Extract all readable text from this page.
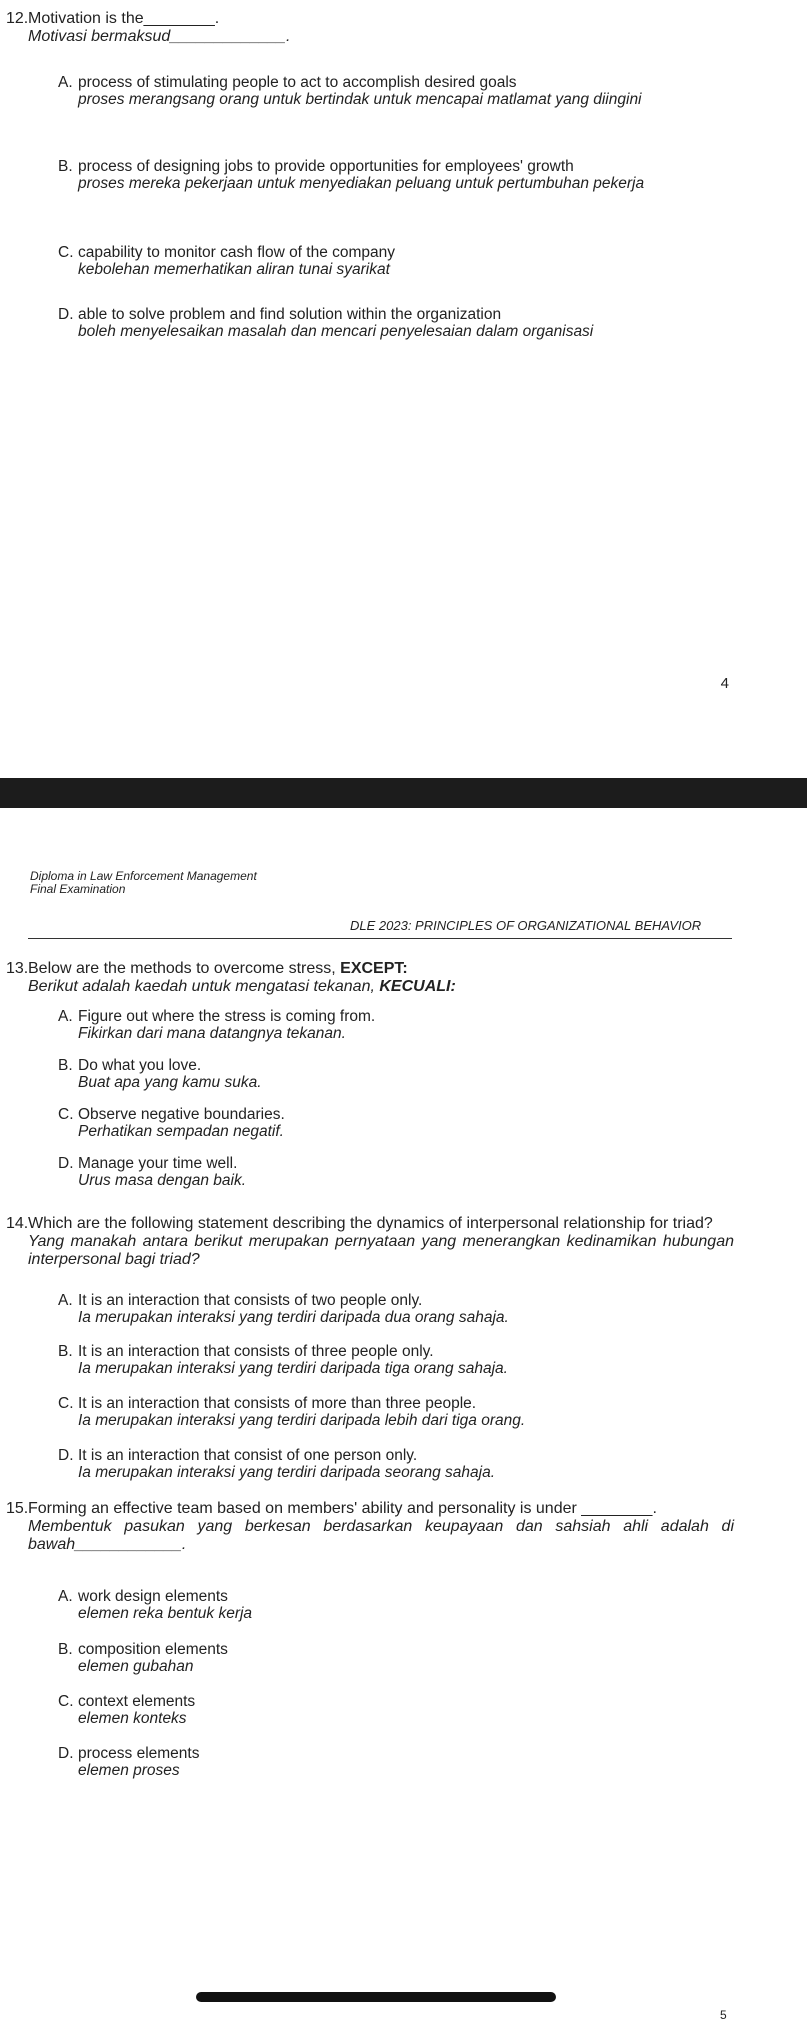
12.Motivation is the________.
Motivasi bermaksud_____________.
A. process of stimulating people to act to accomplish desired goals
proses merangsang orang untuk bertindak untuk mencapai matlamat yang diingini
B. process of designing jobs to provide opportunities for employees' growth
proses mereka pekerjaan untuk menyediakan peluang untuk pertumbuhan pekerja
C. capability to monitor cash flow of the company
kebolehan memerhatikan aliran tunai syarikat
D. able to solve problem and find solution within the organization
boleh menyelesaikan masalah dan mencari penyelesaian dalam organisasi
4
Diploma in Law Enforcement Management
Final Examination
DLE 2023: PRINCIPLES OF ORGANIZATIONAL BEHAVIOR
13.Below are the methods to overcome stress, EXCEPT:
Berikut adalah kaedah untuk mengatasi tekanan, KECUALI:
A. Figure out where the stress is coming from.
Fikirkan dari mana datangnya tekanan.
B. Do what you love.
Buat apa yang kamu suka.
C. Observe negative boundaries.
Perhatikan sempadan negatif.
D. Manage your time well.
Urus masa dengan baik.
14.Which are the following statement describing the dynamics of interpersonal relationship for triad?
Yang manakah antara berikut merupakan pernyataan yang menerangkan kedinamikan hubungan interpersonal bagi triad?
A. It is an interaction that consists of two people only.
Ia merupakan interaksi yang terdiri daripada dua orang sahaja.
B. It is an interaction that consists of three people only.
Ia merupakan interaksi yang terdiri daripada tiga orang sahaja.
C. It is an interaction that consists of more than three people.
Ia merupakan interaksi yang terdiri daripada lebih dari tiga orang.
D. It is an interaction that consist of one person only.
Ia merupakan interaksi yang terdiri daripada seorang sahaja.
15.Forming an effective team based on members' ability and personality is under ________.
Membentuk pasukan yang berkesan berdasarkan keupayaan dan sahsiah ahli adalah di bawah____________.
A. work design elements
elemen reka bentuk kerja
B. composition elements
elemen gubahan
C. context elements
elemen konteks
D. process elements
elemen proses
5
